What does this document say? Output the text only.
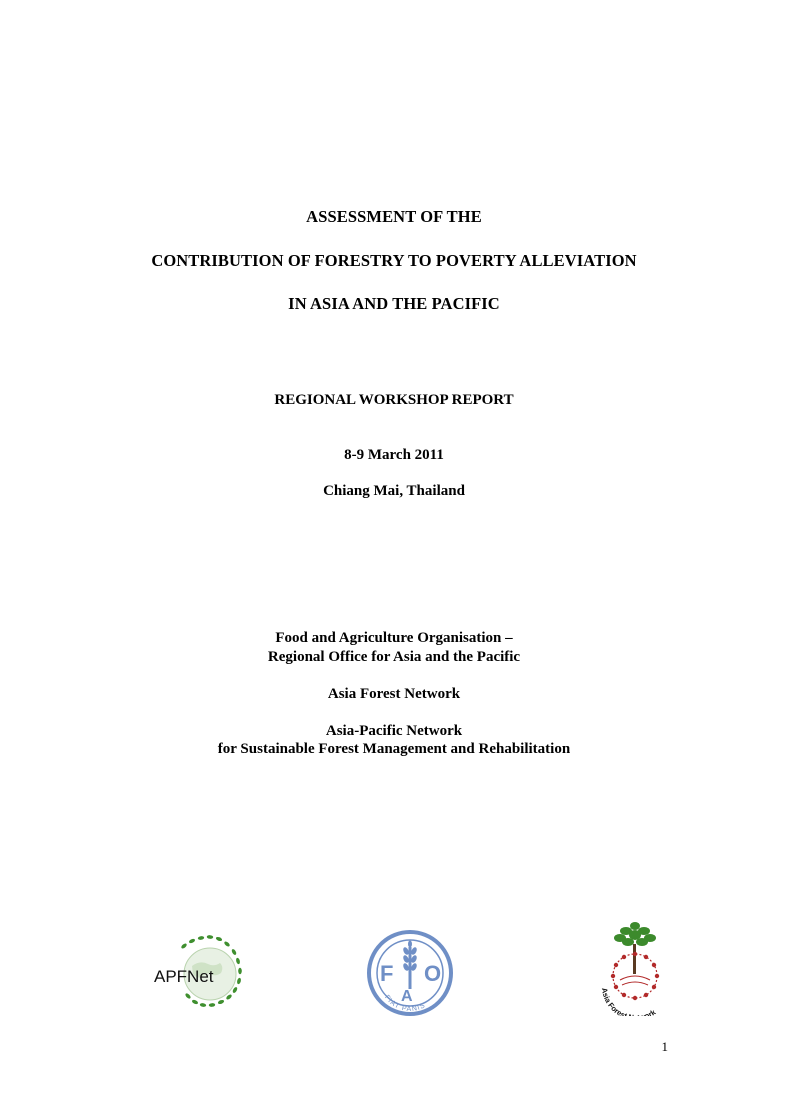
ASSESSMENT OF THE
CONTRIBUTION OF FORESTRY TO POVERTY ALLEVIATION
IN ASIA AND THE PACIFIC
REGIONAL WORKSHOP REPORT
8-9 March 2011
Chiang Mai, Thailand
Food and Agriculture Organisation –
Regional Office for Asia and the Pacific
Asia Forest Network
Asia-Pacific Network
for Sustainable Forest Management and Rehabilitation
APFNet	F O
A
FIAT PANIS
Asia Forest ork
1
